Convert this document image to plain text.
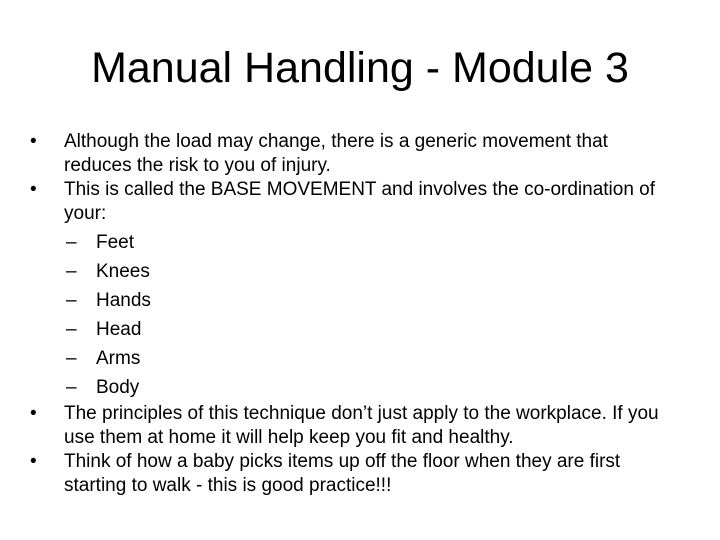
Manual Handling - Module 3
•	Although the load may change, there is a generic movement that reduces the risk to you of injury.
•	This is called the BASE MOVEMENT and involves the co-ordination of your:
– Feet
– Knees
– Hands
– Head
– Arms
– Body
•	The principles of this technique don’t just apply to the workplace. If you use them at home it will help keep you fit and healthy.
•	Think of how a baby picks items up off the floor when they are first starting to walk - this is good practice!!!
